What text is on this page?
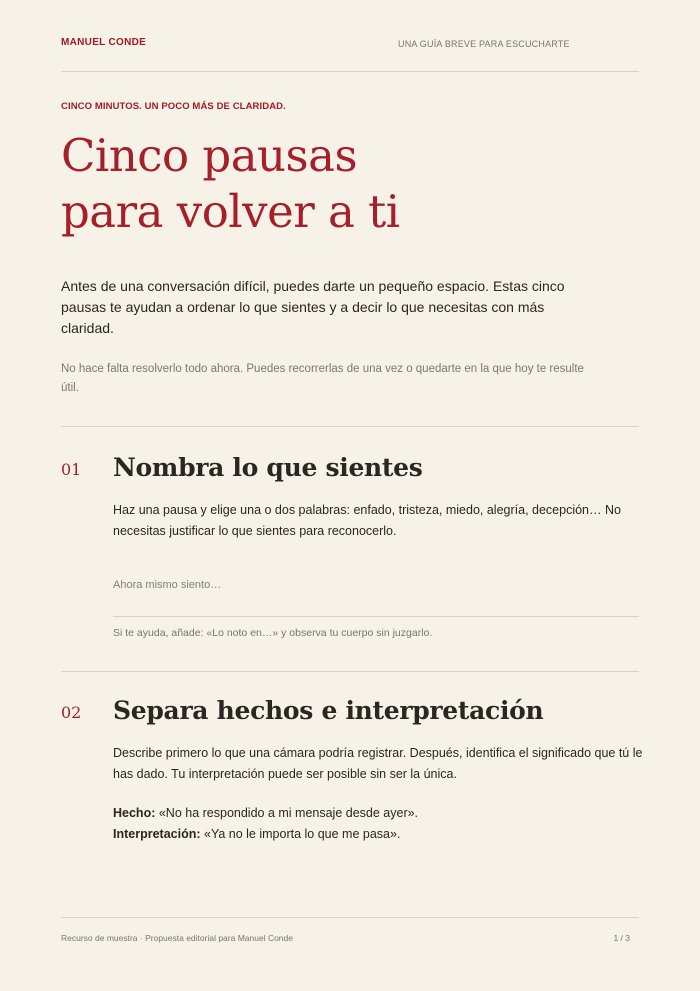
MANUEL CONDE	UNA GUÍA BREVE PARA ESCUCHARTE
CINCO MINUTOS. UN POCO MÁS DE CLARIDAD.
Cinco pausas
para volver a ti

Antes de una conversación difícil, puedes darte un pequeño espacio. Estas cinco pausas te ayudan a ordenar lo que sientes y a decir lo que necesitas con más claridad.

No hace falta resolverlo todo ahora. Puedes recorrerlas de una vez o quedarte en la que hoy te resulte útil.

01 Nombra lo que sientes

Haz una pausa y elige una o dos palabras: enfado, tristeza, miedo, alegría, decepción… No necesitas justificar lo que sientes para reconocerlo.

Ahora mismo siento…
Si te ayuda, añade: «Lo noto en…» y observa tu cuerpo sin juzgarlo.
02 Separa hechos e interpretación

Describe primero lo que una cámara podría registrar. Después, identifica el significado que tú le has dado. Tu interpretación puede ser posible sin ser la única.

Hecho: «No ha respondido a mi mensaje desde ayer».

Interpretación: «Ya no le importa lo que me pasa».

Recurso de muestra · Propuesta editorial para Manuel Conde	1 / 3
